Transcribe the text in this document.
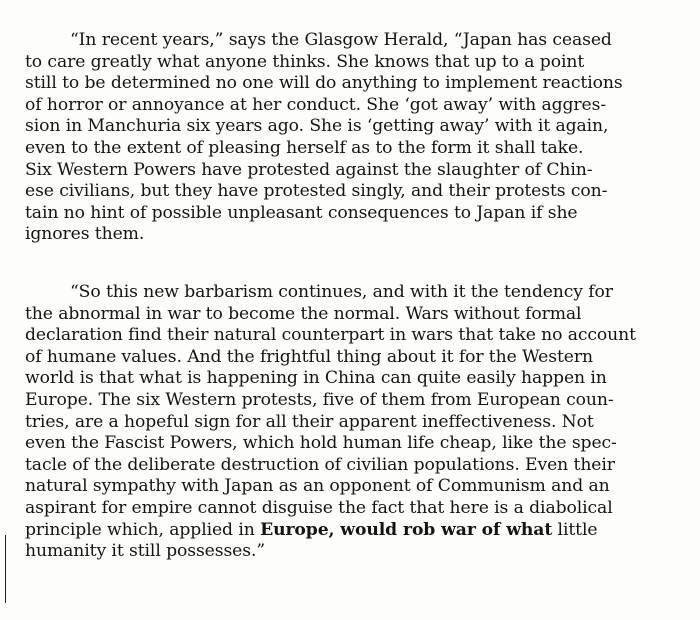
“In recent years,” says the Glasgow Herald, “Japan has ceased
to care greatly what anyone thinks. She knows that up to a point
still to be determined no one will do anything to implement reactions
of horror or annoyance at her conduct. She ‘got away’ with aggres-
sion in Manchuria six years ago. She is ‘getting away’ with it again,
even to the extent of pleasing herself as to the form it shall take.
Six Western Powers have protested against the slaughter of Chin-
ese civilians, but they have protested singly, and their protests con-
tain no hint of possible unpleasant consequences to Japan if she
ignores them.
“So this new barbarism continues, and with it the tendency for
the abnormal in war to become the normal. Wars without formal
declaration find their natural counterpart in wars that take no account
of humane values. And the frightful thing about it for the Western
world is that what is happening in China can quite easily happen in
Europe. The six Western protests, five of them from European coun-
tries, are a hopeful sign for all their apparent ineffectiveness. Not
even the Fascist Powers, which hold human life cheap, like the spec-
tacle of the deliberate destruction of civilian populations. Even their
natural sympathy with Japan as an opponent of Communism and an
aspirant for empire cannot disguise the fact that here is a diabolical
principle which, applied in Europe, would rob war of what little
humanity it still possesses.”
